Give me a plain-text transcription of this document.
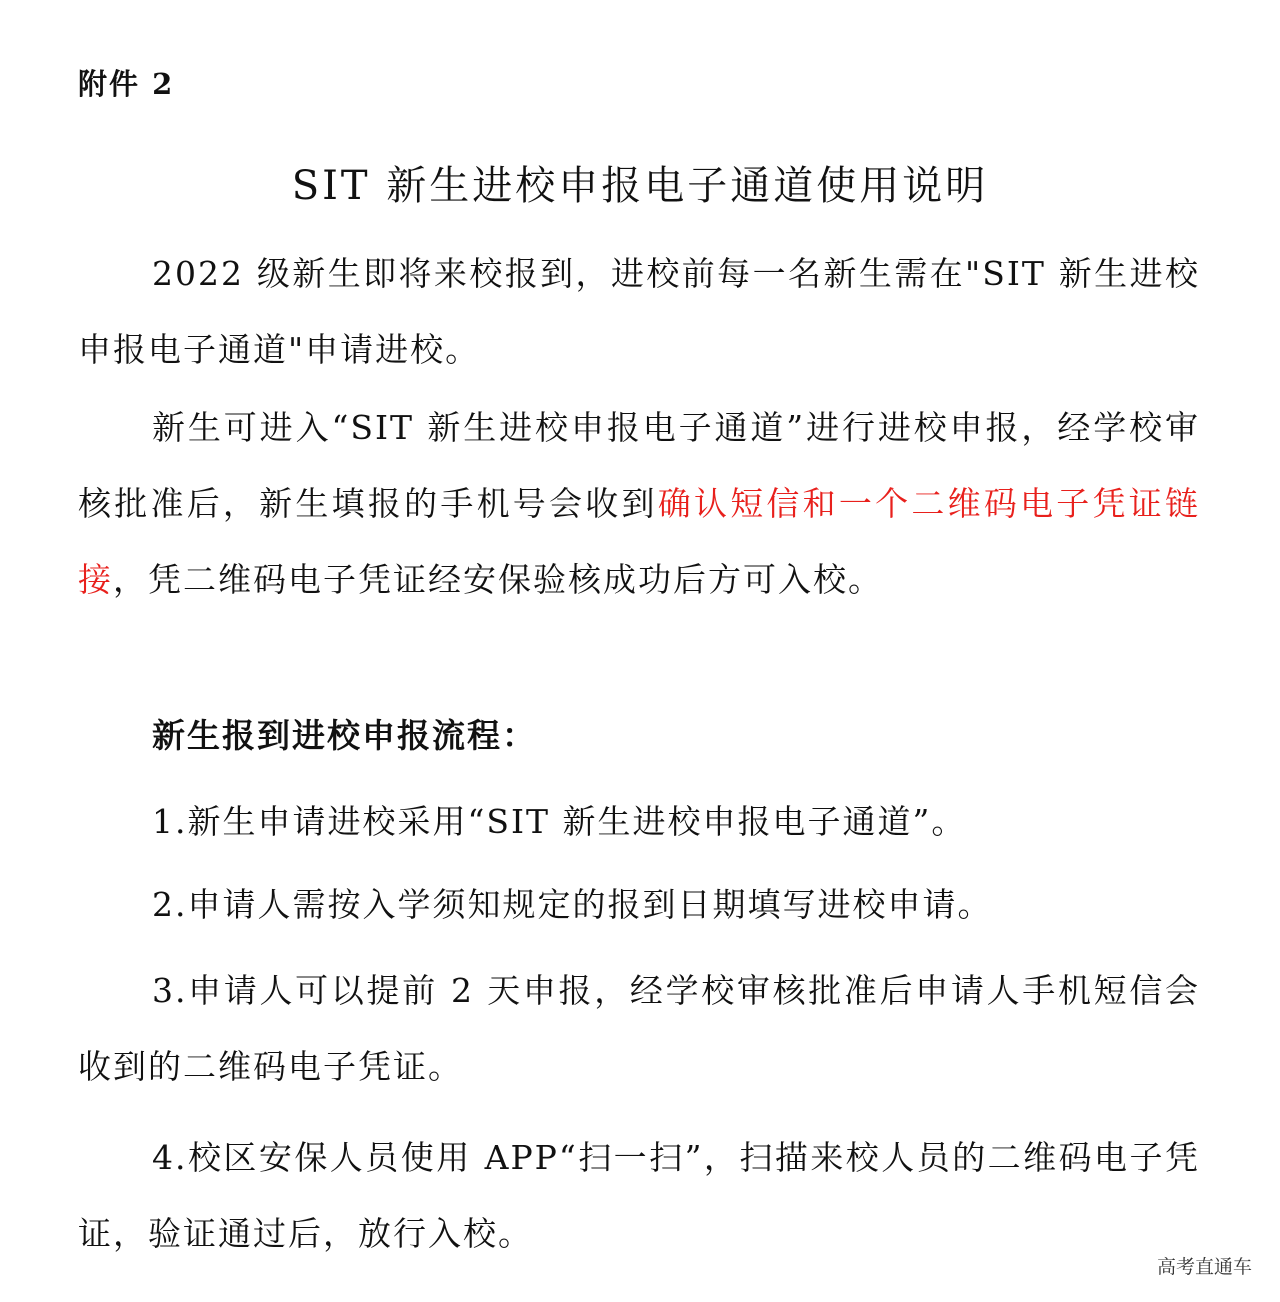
附件 2
SIT 新生进校申报电子通道使用说明

2022 级新生即将来校报到，进校前每一名新生需在"SIT 新生进校申报电子通道"申请进校。

新生可进入“SIT 新生进校申报电子通道”进行进校申报，经学校审核批准后，新生填报的手机号会收到确认短信和一个二维码电子凭证链接，凭二维码电子凭证经安保验核成功后方可入校。

新生报到进校申报流程：

1.新生申请进校采用“SIT 新生进校申报电子通道”。

2.申请人需按入学须知规定的报到日期填写进校申请。

3.申请人可以提前 2 天申报，经学校审核批准后申请人手机短信会收到的二维码电子凭证。

4.校区安保人员使用 APP“扫一扫”，扫描来校人员的二维码电子凭证，验证通过后，放行入校。

高考直通车
